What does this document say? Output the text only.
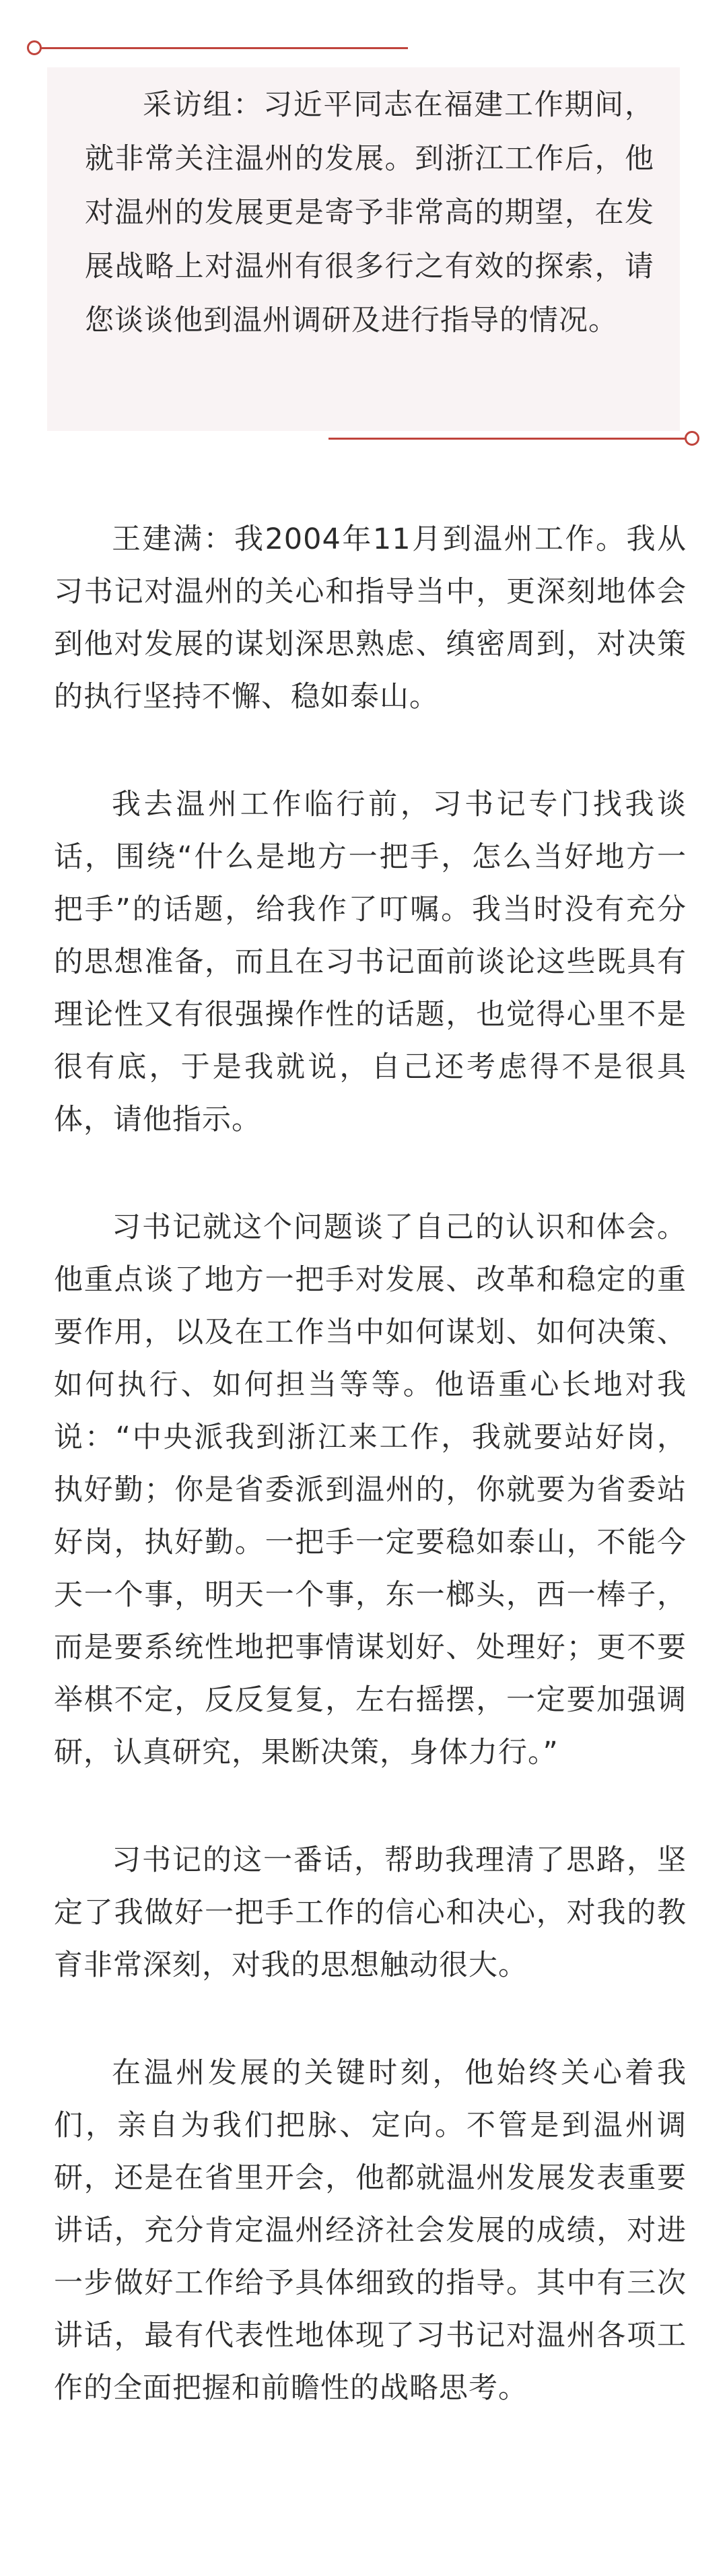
采访组：习近平同志在福建工作期间，就非常关注温州的发展。到浙江工作后，他对温州的发展更是寄予非常高的期望，在发展战略上对温州有很多行之有效的探索，请您谈谈他到温州调研及进行指导的情况。

王建满：我2004年11月到温州工作。我从习书记对温州的关心和指导当中，更深刻地体会到他对发展的谋划深思熟虑、缜密周到，对决策的执行坚持不懈、稳如泰山。

我去温州工作临行前，习书记专门找我谈话，围绕“什么是地方一把手，怎么当好地方一把手”的话题，给我作了叮嘱。我当时没有充分的思想准备，而且在习书记面前谈论这些既具有理论性又有很强操作性的话题，也觉得心里不是很有底，于是我就说，自己还考虑得不是很具体，请他指示。

习书记就这个问题谈了自己的认识和体会。他重点谈了地方一把手对发展、改革和稳定的重要作用，以及在工作当中如何谋划、如何决策、如何执行、如何担当等等。他语重心长地对我说：“中央派我到浙江来工作，我就要站好岗，执好勤；你是省委派到温州的，你就要为省委站好岗，执好勤。一把手一定要稳如泰山，不能今天一个事，明天一个事，东一榔头，西一棒子，而是要系统性地把事情谋划好、处理好；更不要举棋不定，反反复复，左右摇摆，一定要加强调研，认真研究，果断决策，身体力行。”

习书记的这一番话，帮助我理清了思路，坚定了我做好一把手工作的信心和决心，对我的教育非常深刻，对我的思想触动很大。

在温州发展的关键时刻，他始终关心着我们，亲自为我们把脉、定向。不管是到温州调研，还是在省里开会，他都就温州发展发表重要讲话，充分肯定温州经济社会发展的成绩，对进一步做好工作给予具体细致的指导。其中有三次讲话，最有代表性地体现了习书记对温州各项工作的全面把握和前瞻性的战略思考。
